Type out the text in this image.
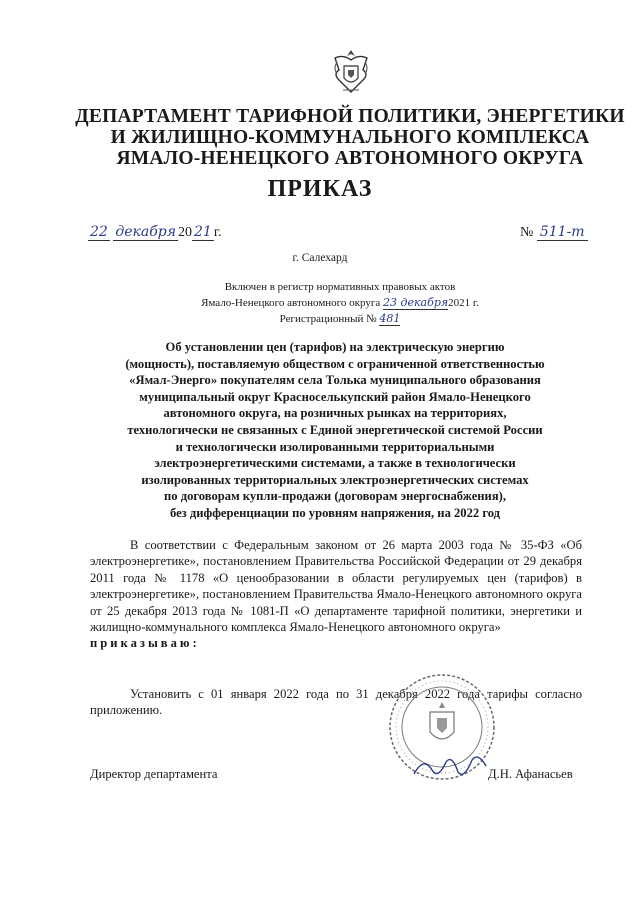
ДЕПАРТАМЕНТ ТАРИФНОЙ ПОЛИТИКИ, ЭНЕРГЕТИКИ
И ЖИЛИЩНО-КОММУНАЛЬНОГО КОМПЛЕКСА
ЯМАЛО-НЕНЕЦКОГО АВТОНОМНОГО ОКРУГА
ПРИКАЗ
22 декабря 20 21 г.	№ 511-т
г. Салехард
Включен в регистр нормативных правовых актов
Ямало-Ненецкого автономного округа 23 декабря2021 г.
Регистрационный № 481
Об установлении цен (тарифов) на электрическую энергию
(мощность), поставляемую обществом с ограниченной ответственностью
«Ямал-Энерго» покупателям села Толька муниципального образования
муниципальный округ Красноселькупский район Ямало-Ненецкого
автономного округа, на розничных рынках на территориях,
технологически не связанных с Единой энергетической системой России
и технологически изолированными территориальными
электроэнергетическими системами, а также в технологически
изолированных территориальных электроэнергетических системах
по договорам купли-продажи (договорам энергоснабжения),
без дифференциации по уровням напряжения, на 2022 год

В соответствии с Федеральным законом от 26 марта 2003 года № 35-ФЗ «Об электроэнергетике», постановлением Правительства Российской Федерации от 29 декабря 2011 года № 1178 «О ценообразовании в области регулируемых цен (тарифов) в электроэнергетике», постановлением Правительства Ямало-Ненецкого автономного округа от 25 декабря 2013 года № 1081-П «О департаменте тарифной политики, энергетики и жилищно-коммунального комплекса Ямало-Ненецкого автономного округа»

приказываю:

Установить с 01 января 2022 года по 31 декабря 2022 года тарифы согласно приложению.

Директор департамента	Д.Н. Афанасьев
